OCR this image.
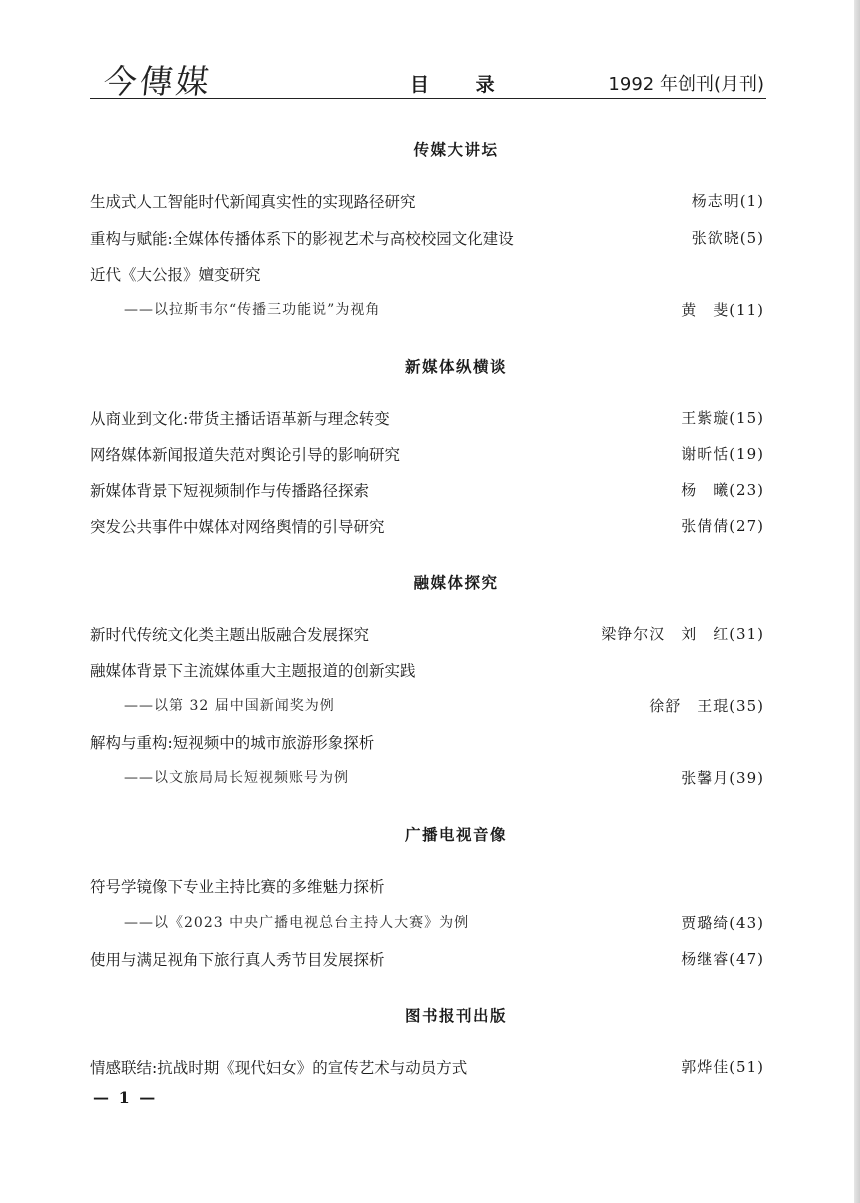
今傳媒	目 录	1992 年创刊(月刊)
传媒大讲坛
生成式人工智能时代新闻真实性的实现路径研究	杨志明(1)
重构与赋能:全媒体传播体系下的影视艺术与高校校园文化建设	张欲晓(5)
近代《大公报》嬗变研究
——以拉斯韦尔“传播三功能说”为视角	黄　斐(11)
新媒体纵横谈
从商业到文化:带货主播话语革新与理念转变	王紫璇(15)
网络媒体新闻报道失范对舆论引导的影响研究	谢昕恬(19)
新媒体背景下短视频制作与传播路径探索	杨　曦(23)
突发公共事件中媒体对网络舆情的引导研究	张倩倩(27)
融媒体探究
新时代传统文化类主题出版融合发展探究	梁铮尔汉　刘　红(31)
融媒体背景下主流媒体重大主题报道的创新实践
——以第 32 届中国新闻奖为例	徐舒　王琨(35)
解构与重构:短视频中的城市旅游形象探析
——以文旅局局长短视频账号为例	张馨月(39)
广播电视音像
符号学镜像下专业主持比赛的多维魅力探析
——以《2023 中央广播电视总台主持人大赛》为例	贾璐绮(43)
使用与满足视角下旅行真人秀节目发展探析	杨继睿(47)
图书报刊出版
情感联结:抗战时期《现代妇女》的宣传艺术与动员方式	郭烨佳(51)
— 1 —
